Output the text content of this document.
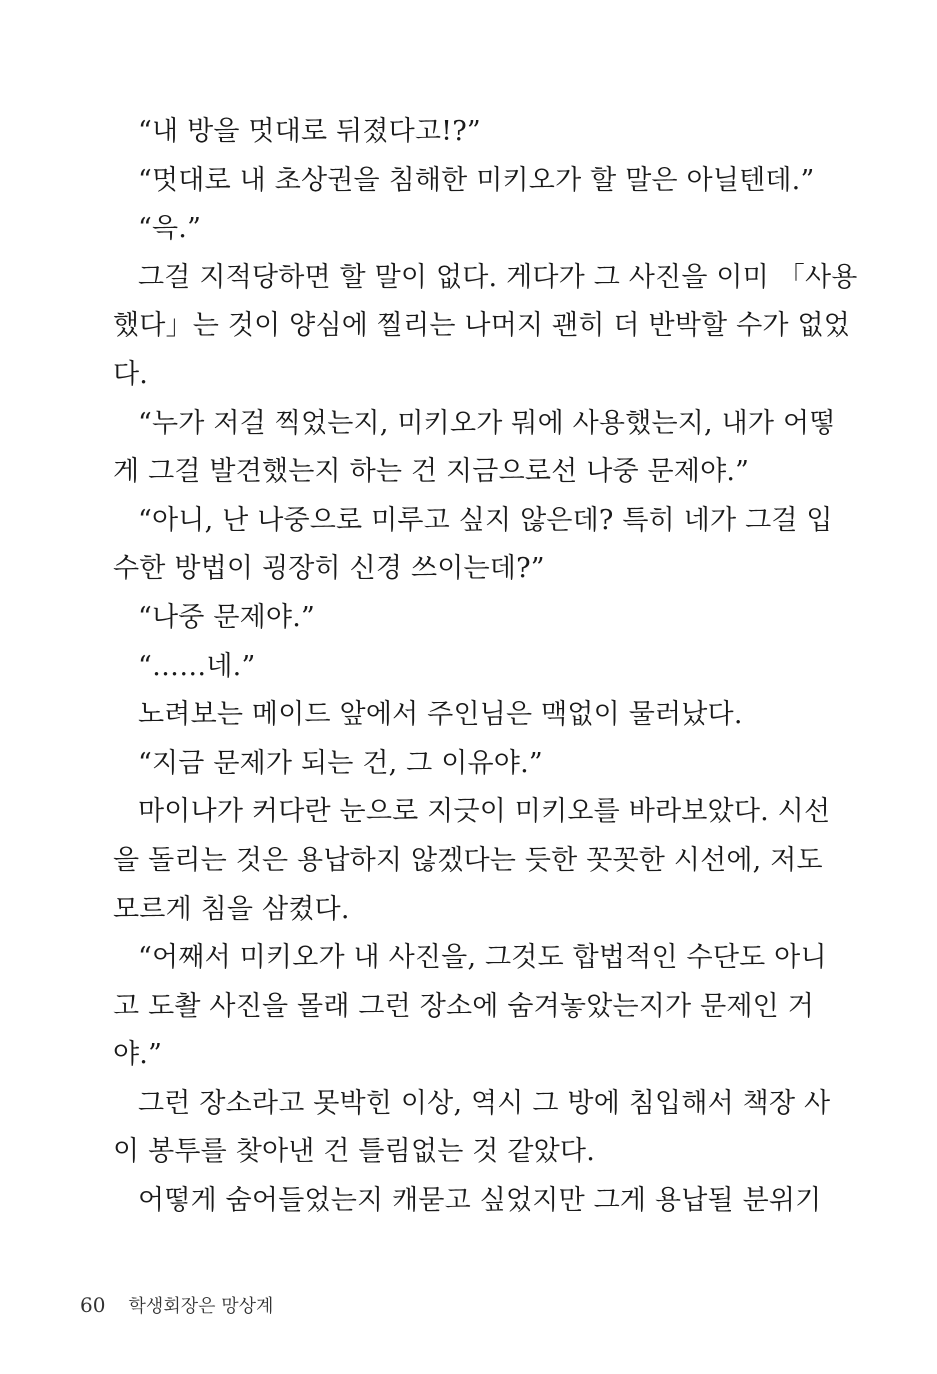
“내 방을 멋대로 뒤졌다고!?”
“멋대로 내 초상권을 침해한 미키오가 할 말은 아닐텐데.”
“윽.”
그걸 지적당하면 할 말이 없다. 게다가 그 사진을 이미 「사용
했다」는 것이 양심에 찔리는 나머지 괜히 더 반박할 수가 없었
다.
“누가 저걸 찍었는지, 미키오가 뭐에 사용했는지, 내가 어떻
게 그걸 발견했는지 하는 건 지금으로선 나중 문제야.”
“아니, 난 나중으로 미루고 싶지 않은데? 특히 네가 그걸 입
수한 방법이 굉장히 신경 쓰이는데?”
“나중 문제야.”
“……네.”
노려보는 메이드 앞에서 주인님은 맥없이 물러났다.
“지금 문제가 되는 건, 그 이유야.”
마이나가 커다란 눈으로 지긋이 미키오를 바라보았다. 시선
을 돌리는 것은 용납하지 않겠다는 듯한 꼿꼿한 시선에, 저도
모르게 침을 삼켰다.
“어째서 미키오가 내 사진을, 그것도 합법적인 수단도 아니
고 도촬 사진을 몰래 그런 장소에 숨겨놓았는지가 문제인 거
야.”
그런 장소라고 못박힌 이상, 역시 그 방에 침입해서 책장 사
이 봉투를 찾아낸 건 틀림없는 것 같았다.
어떻게 숨어들었는지 캐묻고 싶었지만 그게 용납될 분위기
60 학생회장은 망상계
